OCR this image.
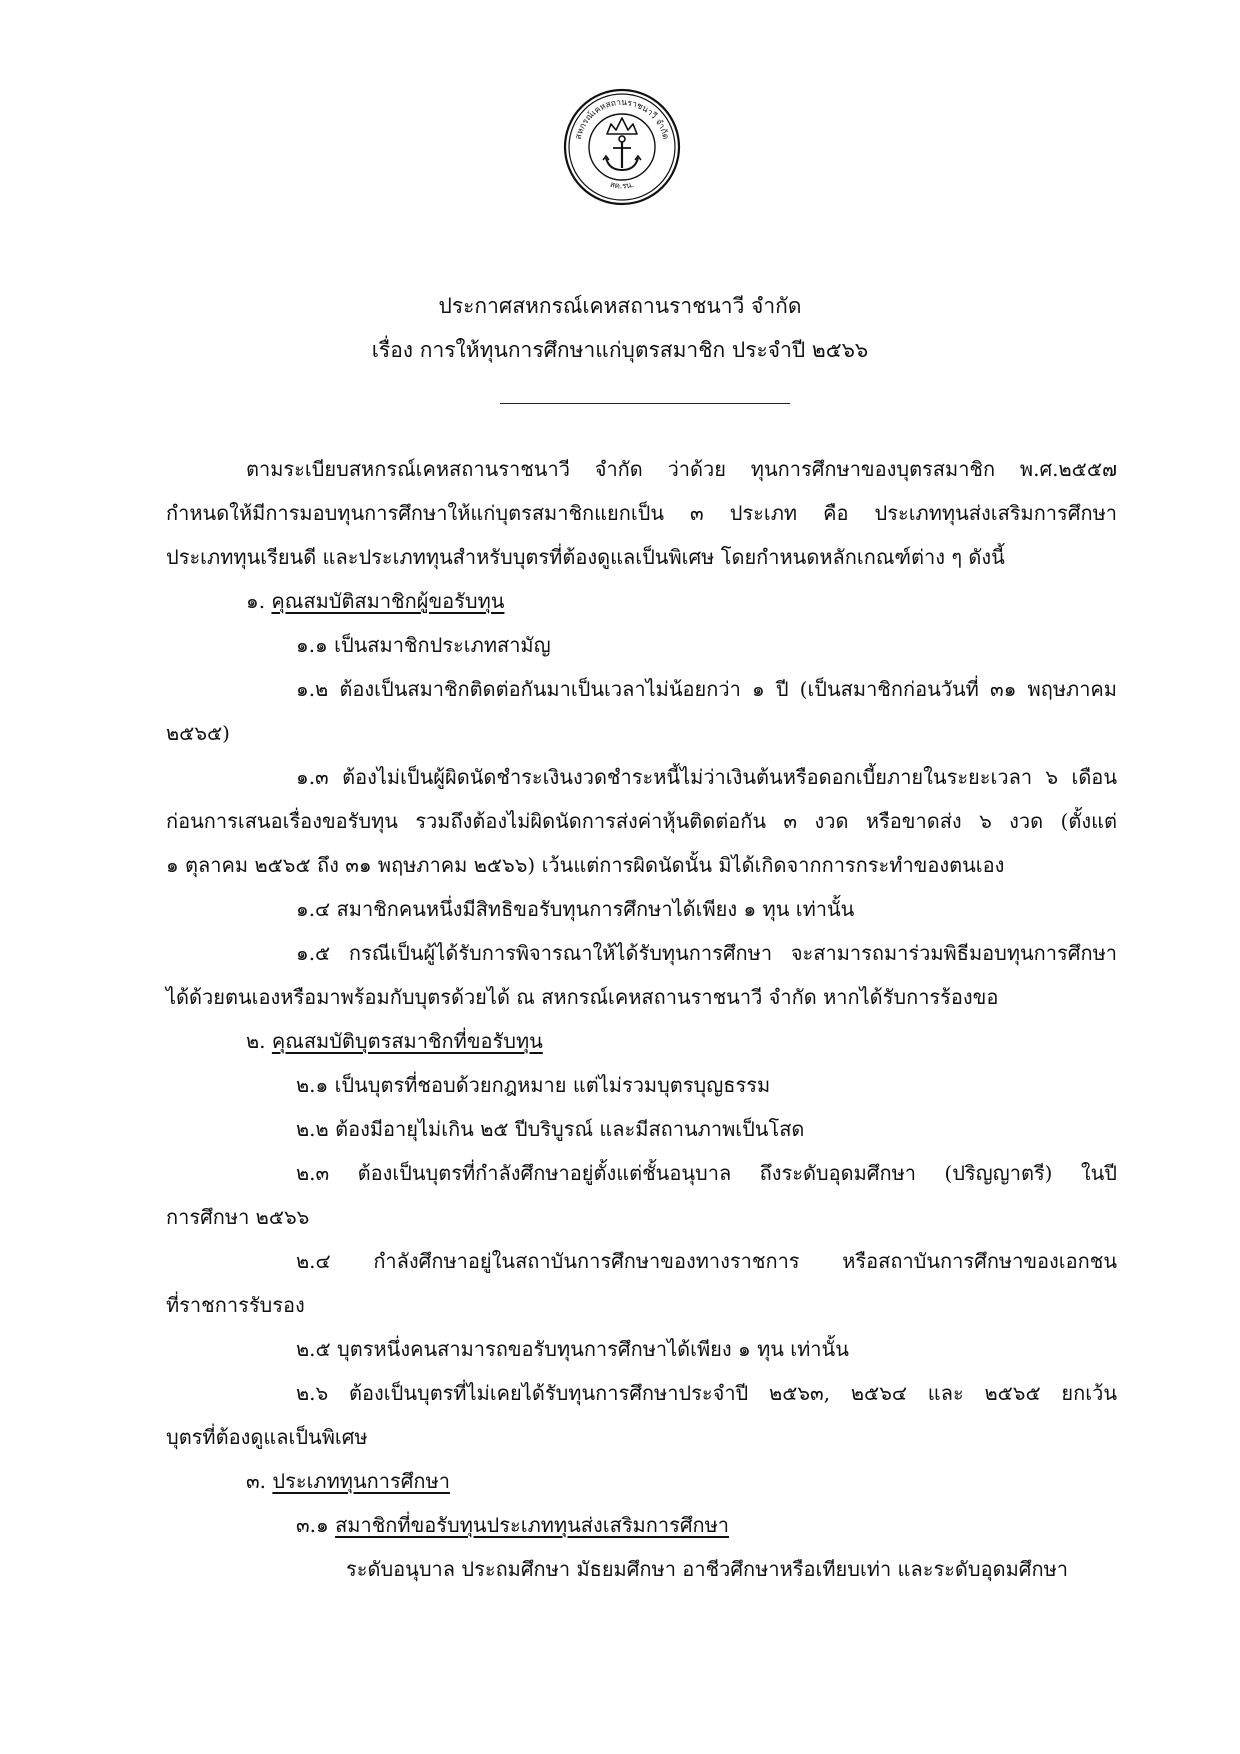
สหกรณ์เคหสถานราชนาวี จำกัด
สค.รน.
ประกาศสหกรณ์เคหสถานราชนาวี จำกัด
เรื่อง การให้ทุนการศึกษาแก่บุตรสมาชิก ประจำปี ๒๕๖๖

ตามระเบียบสหกรณ์เคหสถานราชนาวี จำกัด ว่าด้วย ทุนการศึกษาของบุตรสมาชิก พ.ศ.๒๕๕๗

กำหนดให้มีการมอบทุนการศึกษาให้แก่บุตรสมาชิกแยกเป็น ๓ ประเภท คือ ประเภททุนส่งเสริมการศึกษา

ประเภททุนเรียนดี และประเภททุนสำหรับบุตรที่ต้องดูแลเป็นพิเศษ โดยกำหนดหลักเกณฑ์ต่าง ๆ ดังนี้

๑. คุณสมบัติสมาชิกผู้ขอรับทุน

๑.๑ เป็นสมาชิกประเภทสามัญ

๑.๒ ต้องเป็นสมาชิกติดต่อกันมาเป็นเวลาไม่น้อยกว่า ๑ ปี (เป็นสมาชิกก่อนวันที่ ๓๑ พฤษภาคม

๒๕๖๕)

๑.๓ ต้องไม่เป็นผู้ผิดนัดชำระเงินงวดชำระหนี้ไม่ว่าเงินต้นหรือดอกเบี้ยภายในระยะเวลา ๖ เดือน

ก่อนการเสนอเรื่องขอรับทุน รวมถึงต้องไม่ผิดนัดการส่งค่าหุ้นติดต่อกัน ๓ งวด หรือขาดส่ง ๖ งวด (ตั้งแต่

๑ ตุลาคม ๒๕๖๕ ถึง ๓๑ พฤษภาคม ๒๕๖๖) เว้นแต่การผิดนัดนั้น มิได้เกิดจากการกระทำของตนเอง

๑.๔ สมาชิกคนหนึ่งมีสิทธิขอรับทุนการศึกษาได้เพียง ๑ ทุน เท่านั้น

๑.๕ กรณีเป็นผู้ได้รับการพิจารณาให้ได้รับทุนการศึกษา จะสามารถมาร่วมพิธีมอบทุนการศึกษา

ได้ด้วยตนเองหรือมาพร้อมกับบุตรด้วยได้ ณ สหกรณ์เคหสถานราชนาวี จำกัด หากได้รับการร้องขอ

๒. คุณสมบัติบุตรสมาชิกที่ขอรับทุน

๒.๑ เป็นบุตรที่ชอบด้วยกฎหมาย แต่ไม่รวมบุตรบุญธรรม

๒.๒ ต้องมีอายุไม่เกิน ๒๕ ปีบริบูรณ์ และมีสถานภาพเป็นโสด

๒.๓ ต้องเป็นบุตรที่กำลังศึกษาอยู่ตั้งแต่ชั้นอนุบาล ถึงระดับอุดมศึกษา (ปริญญาตรี) ในปี

การศึกษา ๒๕๖๖

๒.๔ กำลังศึกษาอยู่ในสถาบันการศึกษาของทางราชการ หรือสถาบันการศึกษาของเอกชน

ที่ราชการรับรอง

๒.๕ บุตรหนึ่งคนสามารถขอรับทุนการศึกษาได้เพียง ๑ ทุน เท่านั้น

๒.๖ ต้องเป็นบุตรที่ไม่เคยได้รับทุนการศึกษาประจำปี ๒๕๖๓, ๒๕๖๔ และ ๒๕๖๕ ยกเว้น

บุตรที่ต้องดูแลเป็นพิเศษ

๓. ประเภททุนการศึกษา

๓.๑ สมาชิกที่ขอรับทุนประเภททุนส่งเสริมการศึกษา

ระดับอนุบาล ประถมศึกษา มัธยมศึกษา อาชีวศึกษาหรือเทียบเท่า และระดับอุดมศึกษา
